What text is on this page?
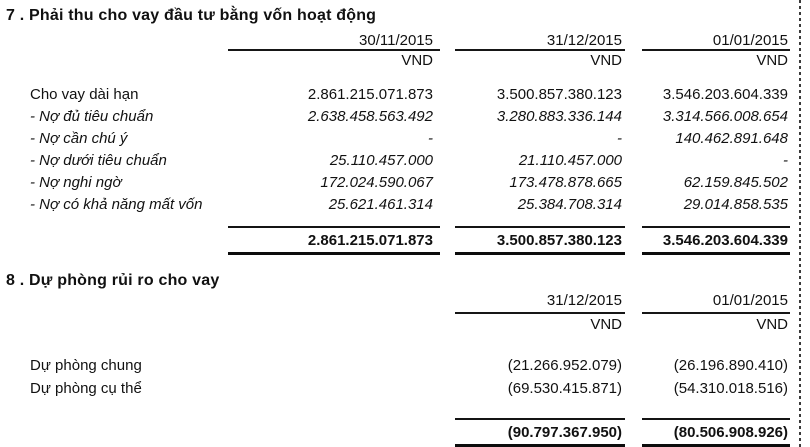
7 . Phải thu cho vay đầu tư bằng vốn hoạt động
30/11/2015	31/12/2015	01/01/2015
VND	VND	VND
Cho vay dài hạn	2.861.215.071.873	3.500.857.380.123	3.546.203.604.339
- Nợ đủ tiêu chuẩn	2.638.458.563.492	3.280.883.336.144	3.314.566.008.654
- Nợ cần chú ý	-	-	140.462.891.648
- Nợ dưới tiêu chuẩn	25.110.457.000	21.110.457.000	-
- Nợ nghi ngờ	172.024.590.067	173.478.878.665	62.159.845.502
- Nợ có khả năng mất vốn	25.621.461.314	25.384.708.314	29.014.858.535
2.861.215.071.873	3.500.857.380.123	3.546.203.604.339
8 . Dự phòng rủi ro cho vay
31/12/2015	01/01/2015
VND	VND
Dự phòng chung	(21.266.952.079)	(26.196.890.410)
Dự phòng cụ thể	(69.530.415.871)	(54.310.018.516)
(90.797.367.950)	(80.506.908.926)
